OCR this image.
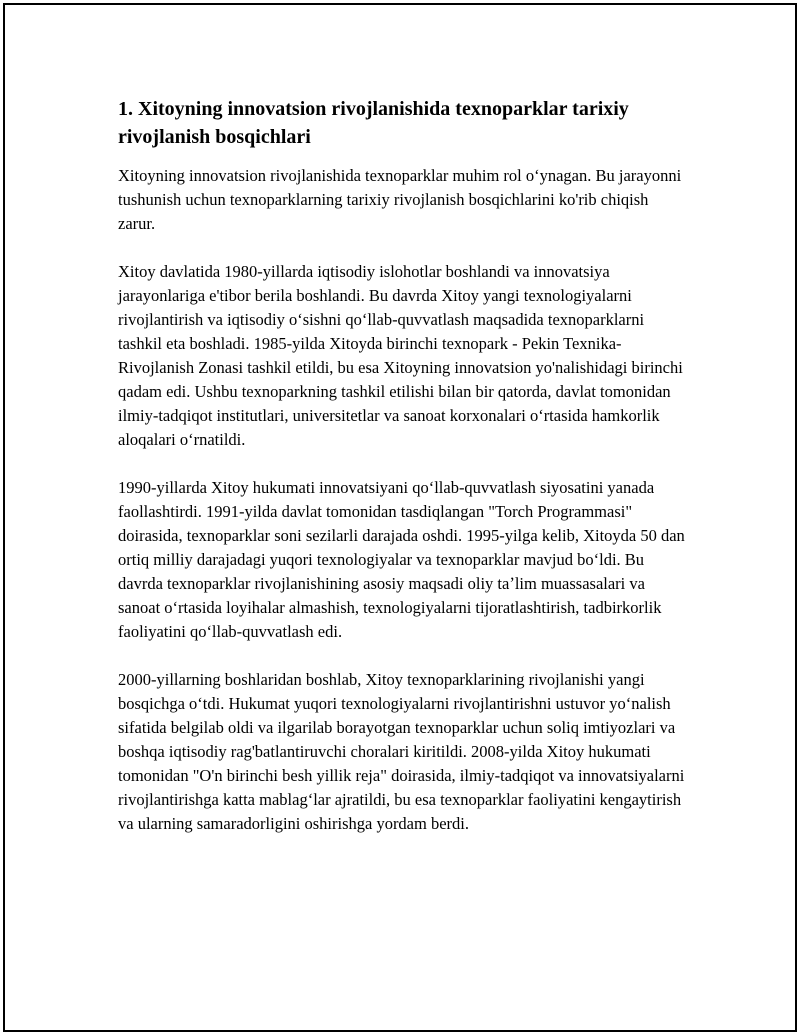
1. Xitoyning innovatsion rivojlanishida texnoparklar tarixiy rivojlanish bosqichlari

Xitoyning innovatsion rivojlanishida texnoparklar muhim rol oʻynagan. Bu jarayonni tushunish uchun texnoparklarning tarixiy rivojlanish bosqichlarini ko'rib chiqish zarur.

Xitoy davlatida 1980-yillarda iqtisodiy islohotlar boshlandi va innovatsiya jarayonlariga e'tibor berila boshlandi. Bu davrda Xitoy yangi texnologiyalarni rivojlantirish va iqtisodiy oʻsishni qoʻllab-quvvatlash maqsadida texnoparklarni tashkil eta boshladi. 1985-yilda Xitoyda birinchi texnopark - Pekin Texnika-Rivojlanish Zonasi tashkil etildi, bu esa Xitoyning innovatsion yo'nalishidagi birinchi qadam edi. Ushbu texnoparkning tashkil etilishi bilan bir qatorda, davlat tomonidan ilmiy-tadqiqot institutlari, universitetlar va sanoat korxonalari oʻrtasida hamkorlik aloqalari oʻrnatildi.

1990-yillarda Xitoy hukumati innovatsiyani qoʻllab-quvvatlash siyosatini yanada faollashtirdi. 1991-yilda davlat tomonidan tasdiqlangan "Torch Programmasi" doirasida, texnoparklar soni sezilarli darajada oshdi. 1995-yilga kelib, Xitoyda 50 dan ortiq milliy darajadagi yuqori texnologiyalar va texnoparklar mavjud boʻldi. Bu davrda texnoparklar rivojlanishining asosiy maqsadi oliy taʼlim muassasalari va sanoat oʻrtasida loyihalar almashish, texnologiyalarni tijoratlashtirish, tadbirkorlik faoliyatini qoʻllab-quvvatlash edi.

2000-yillarning boshlaridan boshlab, Xitoy texnoparklarining rivojlanishi yangi bosqichga oʻtdi. Hukumat yuqori texnologiyalarni rivojlantirishni ustuvor yoʻnalish sifatida belgilab oldi va ilgarilab borayotgan texnoparklar uchun soliq imtiyozlari va boshqa iqtisodiy rag'batlantiruvchi choralari kiritildi. 2008-yilda Xitoy hukumati tomonidan "O'n birinchi besh yillik reja" doirasida, ilmiy-tadqiqot va innovatsiyalarni rivojlantirishga katta mablagʻlar ajratildi, bu esa texnoparklar faoliyatini kengaytirish va ularning samaradorligini oshirishga yordam berdi.
